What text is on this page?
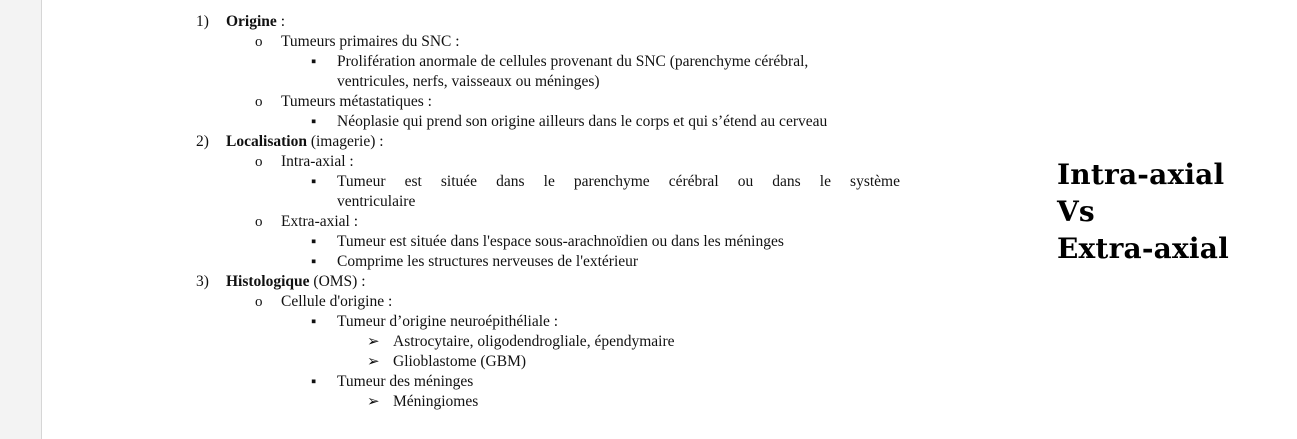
1) Origine :
o Tumeurs primaires du SNC :
▪ Prolifération anormale de cellules provenant du SNC (parenchyme cérébral,
ventricules, nerfs, vaisseaux ou méninges)
o Tumeurs métastatiques :
▪ Néoplasie qui prend son origine ailleurs dans le corps et qui s’étend au cerveau
2) Localisation (imagerie) :
o Intra-axial :
▪ Tumeur est située dans le parenchyme cérébral ou dans le système
ventriculaire
o Extra-axial :
▪ Tumeur est située dans l'espace sous-arachnoïdien ou dans les méninges
▪ Comprime les structures nerveuses de l'extérieur
3) Histologique (OMS) :
o Cellule d'origine :
▪ Tumeur d’origine neuroépithéliale :
➢ Astrocytaire, oligodendrogliale, épendymaire
➢ Glioblastome (GBM)
▪ Tumeur des méninges
➢ Méningiomes
Intra-axial
Vs
Extra-axial
